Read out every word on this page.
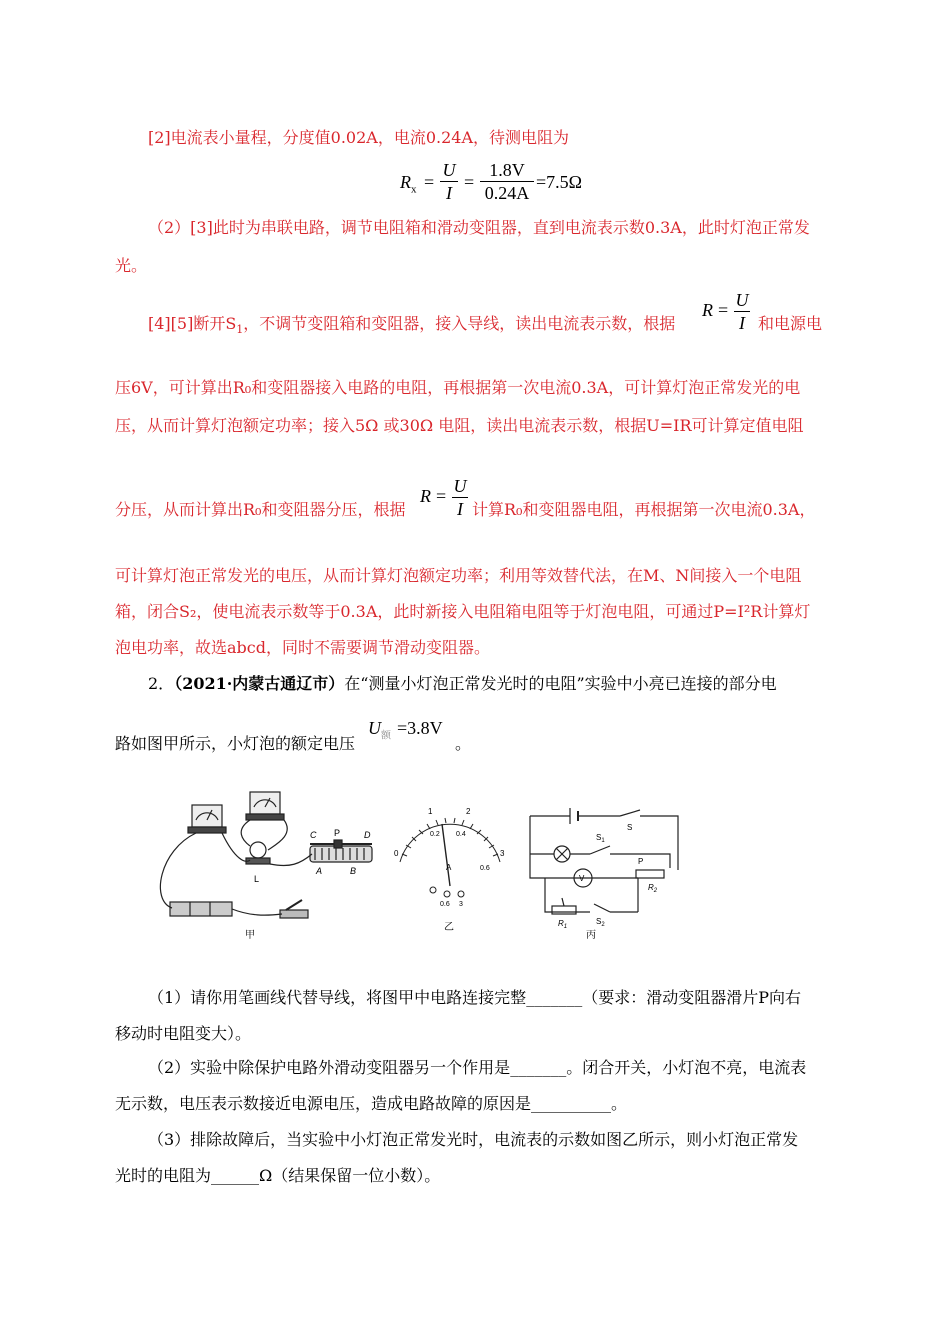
[2]电流表小量程，分度值0.02A，电流0.24A，待测电阻为
$R_x$ =
U
I
=
1.8V
0.24A
=7.5Ω
（2）[3]此时为串联电路，调节电阻箱和滑动变阻器，直到电流表示数0.3A，此时灯泡正常发
光。
[4][5]断开$S_1$，不调节变阻箱和变阻器，接入导线，读出电流表示数，根据
R = U
I 和电源电
压6V，可计算出R₀和变阻器接入电路的电阻，再根据第一次电流0.3A，可计算灯泡正常发光的电
压，从而计算灯泡额定功率；接入5Ω 或30Ω 电阻，读出电流表示数，根据U=IR可计算定值电阻
分压，从而计算出R₀和变阻器分压，根据
R = U
I 计算R₀和变阻器电阻，再根据第一次电流0.3A，
可计算灯泡正常发光的电压，从而计算灯泡额定功率；利用等效替代法，在M、N间接入一个电阻
箱，闭合S₂，使电流表示数等于0.3A，此时新接入电阻箱电阻等于灯泡电阻，可通过P=I²R计算灯
泡电功率，故选abcd，同时不需要调节滑动变阻器。
2．（2021·内蒙古通辽市）在“测量小灯泡正常发光时的电阻”实验中小亮已连接的部分电
路如图甲所示，小灯泡的额定电压
$U_额 =3.8V$
。
L
C P	D
A	B
甲
0
1	2
3
0.2 0.4
0.6
A
0.6 3
乙
S
$S_1$
V
P
$R_2$
$R_1$
$S_2$
丙
（1）请你用笔画线代替导线，将图甲中电路连接完整_______（要求：滑动变阻器滑片P向右
移动时电阻变大）。
（2）实验中除保护电路外滑动变阻器另一个作用是_______。闭合开关，小灯泡不亮，电流表
无示数，电压表示数接近电源电压，造成电路故障的原因是__________。
（3）排除故障后，当实验中小灯泡正常发光时，电流表的示数如图乙所示，则小灯泡正常发
光时的电阻为______Ω（结果保留一位小数）。
